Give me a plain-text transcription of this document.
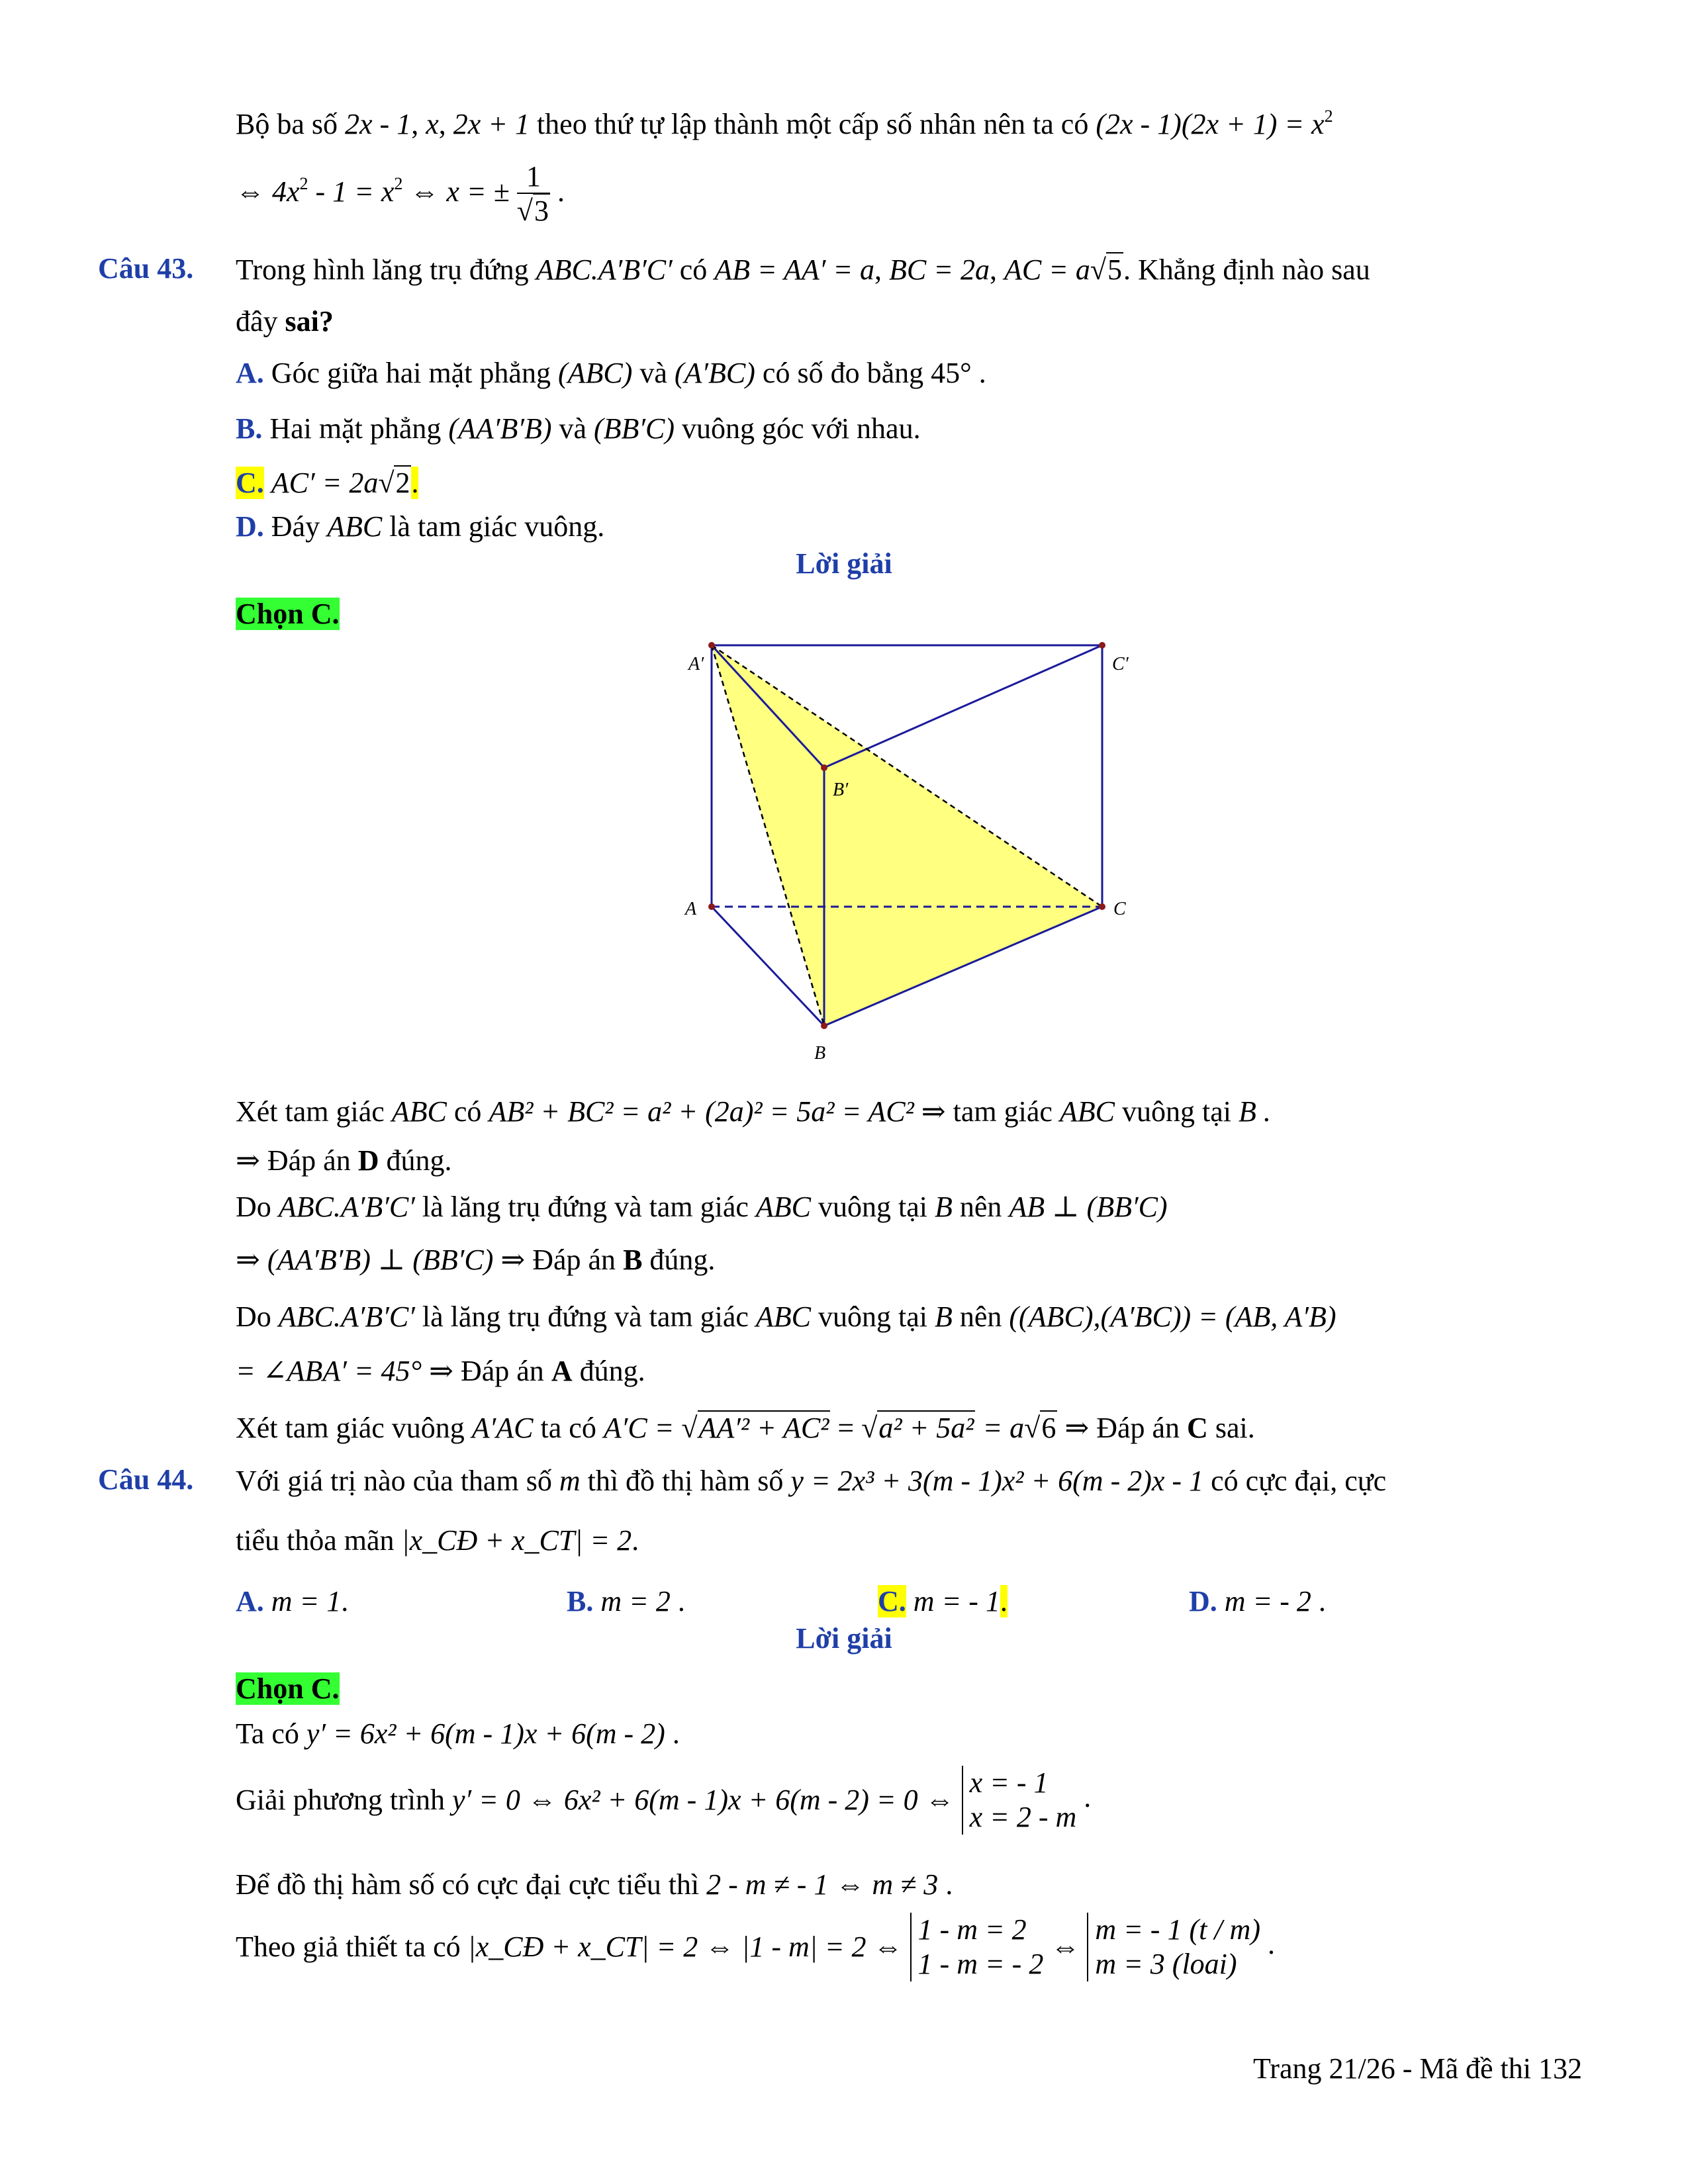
Bộ ba số 2x - 1, x, 2x + 1 theo thứ tự lập thành một cấp số nhân nên ta có $(2x - 1)(2x + 1) = x^2$
⇔ $4x^2 - 1 = x^2$ ⇔ x = ± $\frac{1}{√3}$ .
Câu 43. Trong hình lăng trụ đứng ABC.A′B′C′ có AB = AA′ = a, BC = 2a, AC = a√5. Khẳng định nào sau
đây sai?
A. Góc giữa hai mặt phẳng (ABC) và (A′BC) có số đo bằng 45° .
B. Hai mặt phẳng (AA′B′B) và (BB′C) vuông góc với nhau.
C. AC′ = 2a√2.
D. Đáy ABC là tam giác vuông.
Lời giải
Chọn C.
A′	C′
B′
A	C
B
Xét tam giác ABC có AB² + BC² = a² + (2a)² = 5a² = AC² ⇒ tam giác ABC vuông tại B .
⇒ Đáp án D đúng.
Do ABC.A′B′C′ là lăng trụ đứng và tam giác ABC vuông tại B nên AB ⊥ (BB′C)
⇒ (AA′B′B) ⊥ (BB′C) ⇒ Đáp án B đúng.
Do ABC.A′B′C′ là lăng trụ đứng và tam giác ABC vuông tại B nên ((ABC),(A′BC)) = (AB, A′B)
= ∠ABA′ = 45° ⇒ Đáp án A đúng.
Xét tam giác vuông A′AC ta có A′C = √AA′² + AC² = √a² + 5a² = a√6 ⇒ Đáp án C sai.
Câu 44. Với giá trị nào của tham số m thì đồ thị hàm số y = 2x³ + 3(m - 1)x² + 6(m - 2)x - 1 có cực đại, cực
tiểu thỏa mãn |x_CĐ + x_CT| = 2.
A. m = 1.	B. m = 2 .	C. m = - 1.	D. m = - 2 .
Lời giải
Chọn C.
Ta có y′ = 6x² + 6(m - 1)x + 6(m - 2) .
Giải phương trình y′ = 0 ⇔ 6x² + 6(m - 1)x + 6(m - 2) = 0 ⇔
x = - 1
x = 2 - m
.
Để đồ thị hàm số có cực đại cực tiểu thì 2 - m ≠ - 1 ⇔ m ≠ 3 .
Theo giả thiết ta có |x_CĐ + x_CT| = 2 ⇔ |1 - m| = 2 ⇔
1 - m = 2
1 - m = - 2
⇔
m = - 1 (t / m)
m = 3 (loai)
.
Trang 21/26 - Mã đề thi 132
